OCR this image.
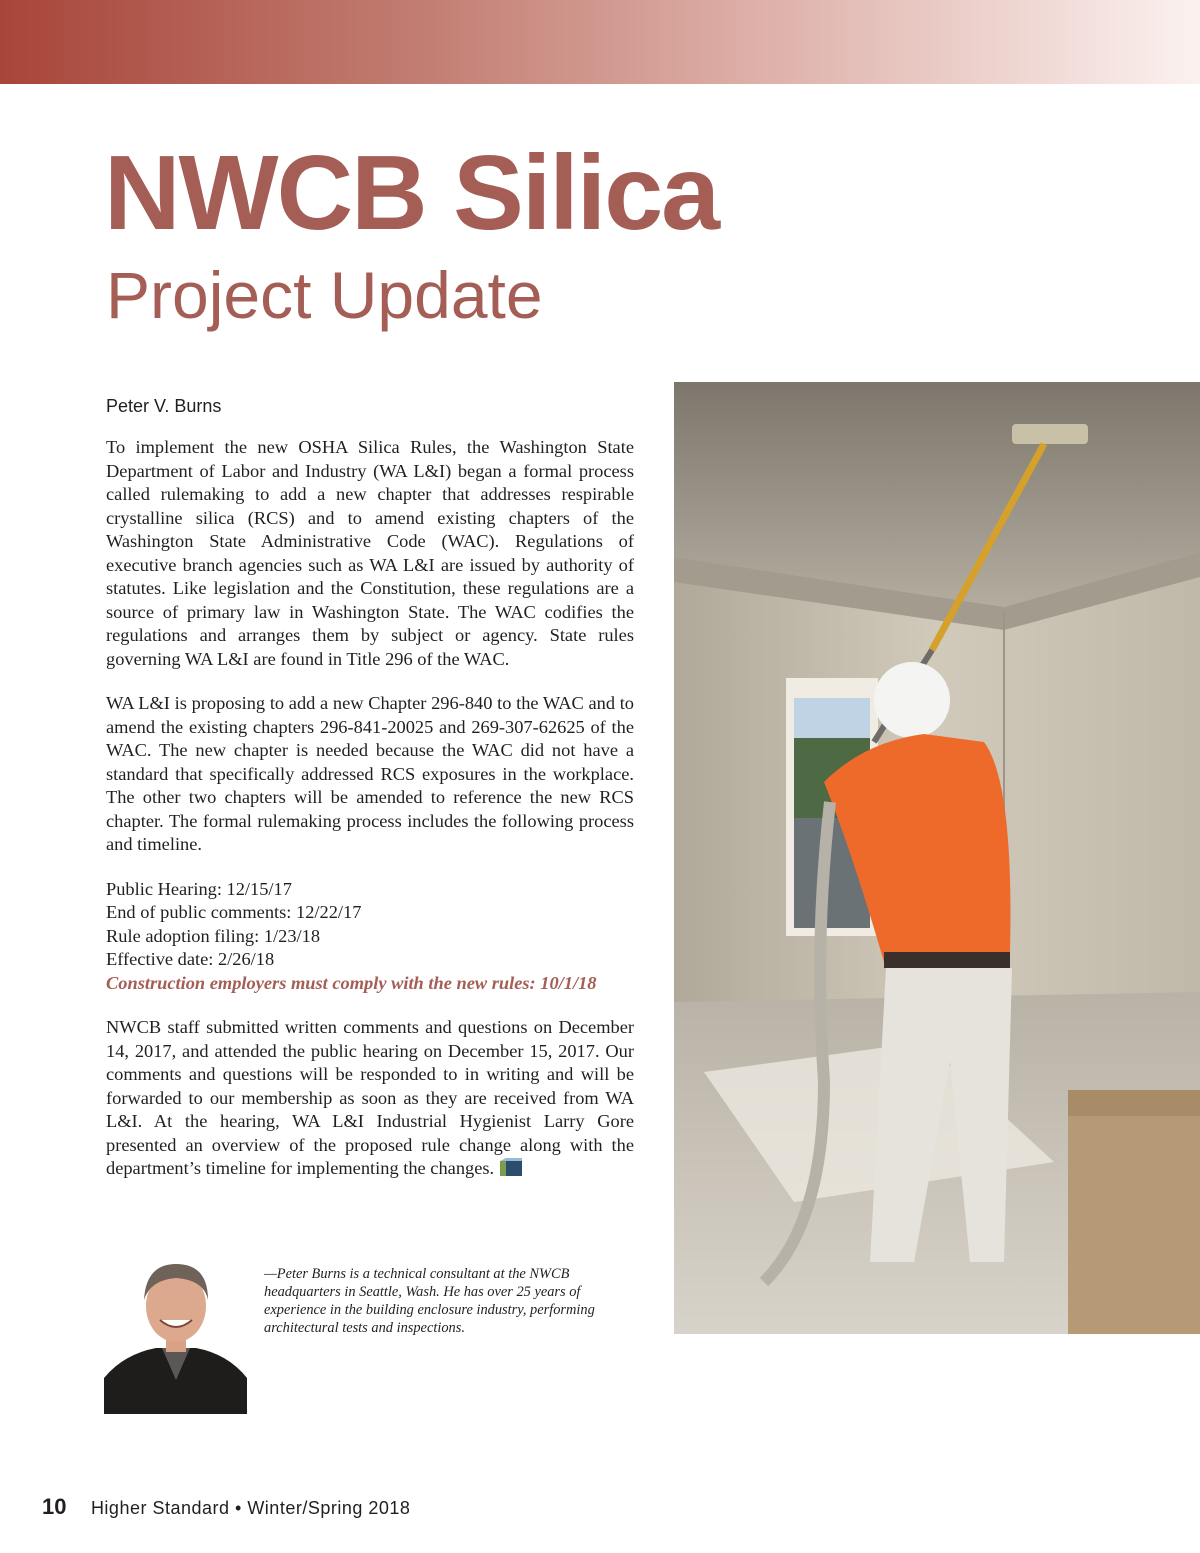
NWCB Silica
Project Update
Peter V. Burns

To implement the new OSHA Silica Rules, the Washington State Department of Labor and Industry (WA L&I) began a formal process called rulemaking to add a new chapter that addresses respirable crystalline silica (RCS) and to amend existing chapters of the Washington State Administrative Code (WAC). Regulations of executive branch agencies such as WA L&I are issued by authority of statutes. Like legislation and the Constitution, these regulations are a source of primary law in Washington State. The WAC codifies the regulations and arranges them by subject or agency. State rules governing WA L&I are found in Title 296 of the WAC.

WA L&I is proposing to add a new Chapter 296-840 to the WAC and to amend the existing chapters 296-841-20025 and 269-307-62625 of the WAC. The new chapter is needed because the WAC did not have a standard that specifically addressed RCS exposures in the workplace. The other two chapters will be amended to reference the new RCS chapter. The formal rulemaking process includes the following process and timeline.

Public Hearing: 12/15/17
End of public comments: 12/22/17
Rule adoption filing: 1/23/18
Effective date: 2/26/18
Construction employers must comply with the new rules: 10/1/18

NWCB staff submitted written comments and questions on December 14, 2017, and attended the public hearing on December 15, 2017. Our comments and questions will be responded to in writing and will be forwarded to our membership as soon as they are received from WA L&I. At the hearing, WA L&I Industrial Hygienist Larry Gore presented an overview of the proposed rule change along with the department’s timeline for implementing the changes.

—Peter Burns is a technical consultant at the NWCB headquarters in Seattle, Wash. He has over 25 years of experience in the building enclosure industry, performing architectural tests and inspections.

10 Higher Standard • Winter/Spring 2018
